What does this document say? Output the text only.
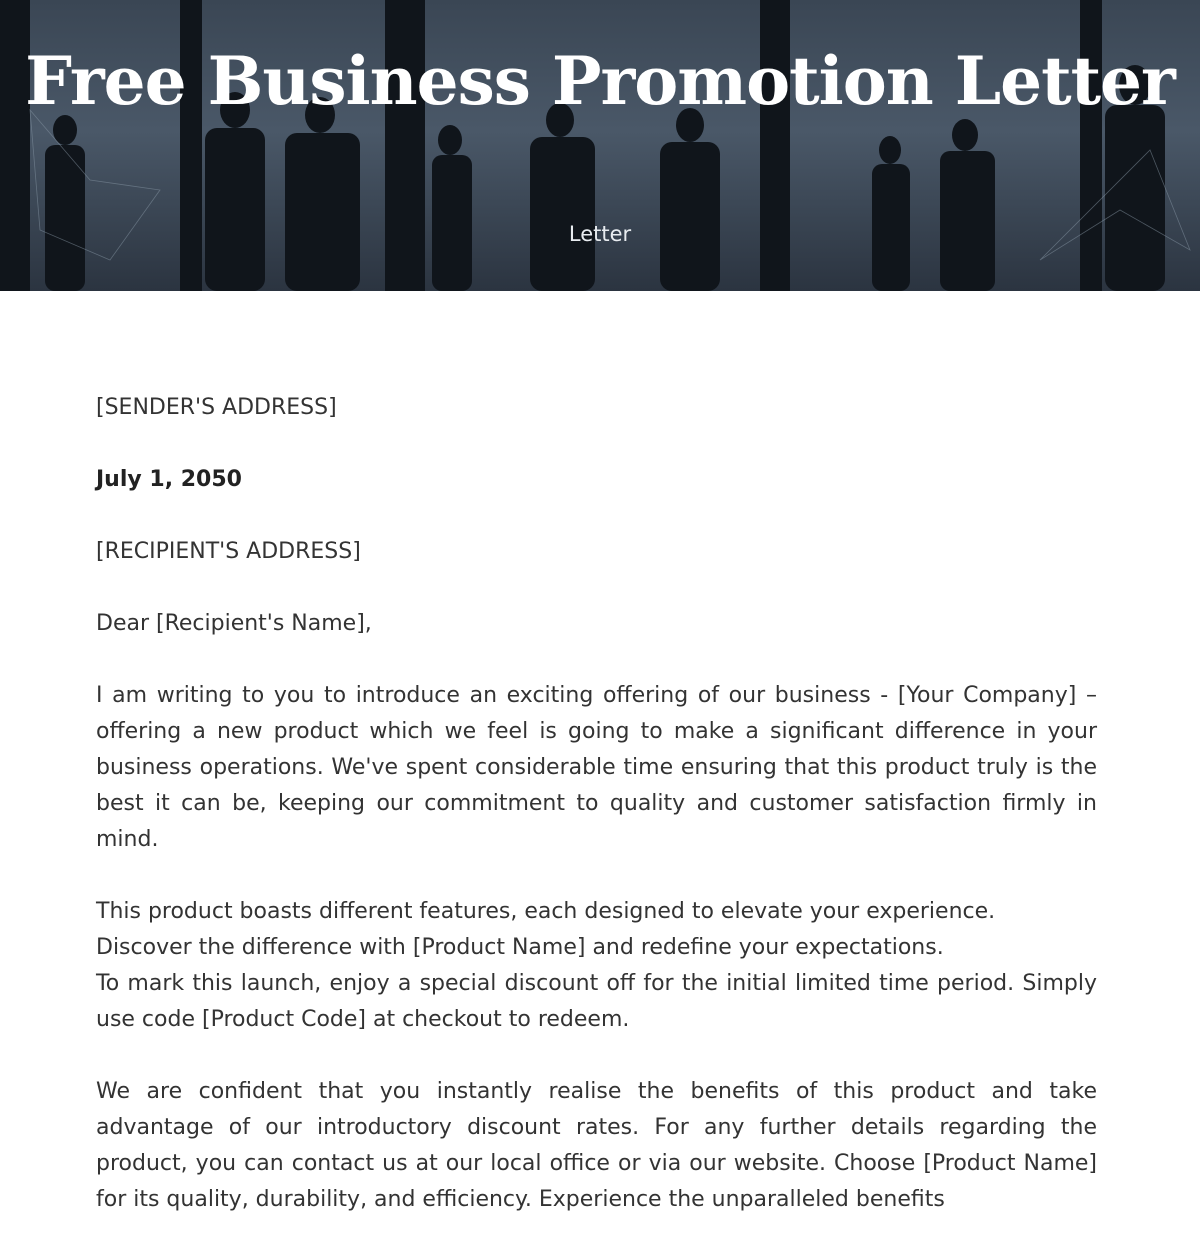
Free Business Promotion Letter
Letter

[SENDER'S ADDRESS]

July 1, 2050

[RECIPIENT'S ADDRESS]

Dear [Recipient's Name],

I am writing to you to introduce an exciting offering of our business - [Your Company] – offering a new product which we feel is going to make a significant difference in your business operations. We've spent considerable time ensuring that this product truly is the best it can be, keeping our commitment to quality and customer satisfaction firmly in mind.

This product boasts different features, each designed to elevate your experience.
Discover the difference with [Product Name] and redefine your expectations.
To mark this launch, enjoy a special discount off for the initial limited time period. Simply use code [Product Code] at checkout to redeem.

We are confident that you instantly realise the benefits of this product and take advantage of our introductory discount rates. For any further details regarding the product, you can contact us at our local office or via our website. Choose [Product Name] for its quality, durability, and efficiency. Experience the unparalleled benefits
